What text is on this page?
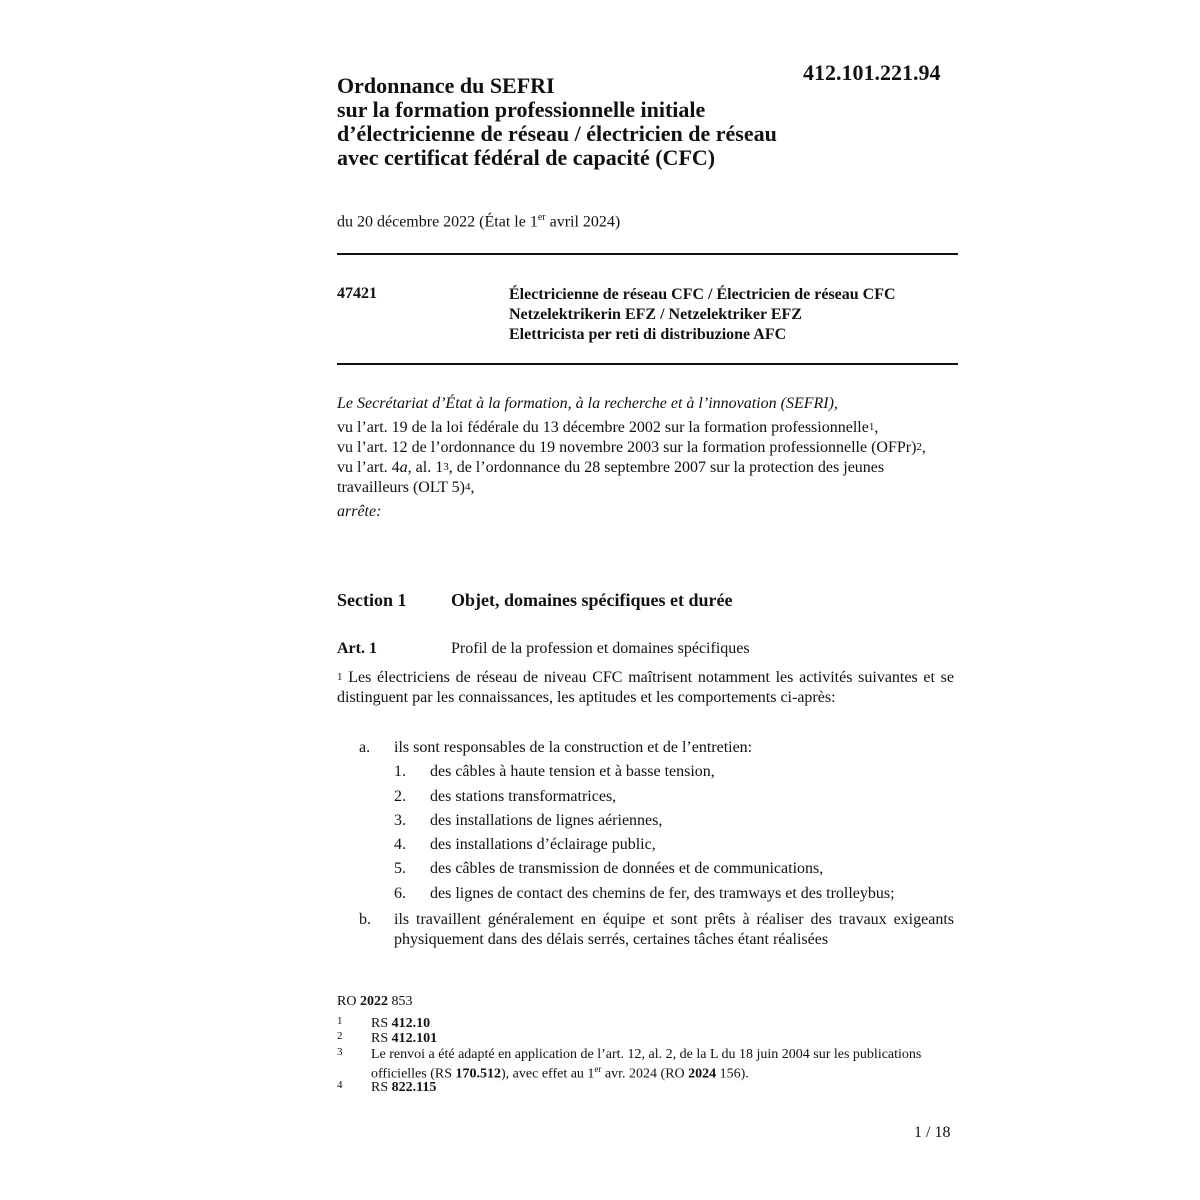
412.101.221.94
Ordonnance du SEFRI
sur la formation professionnelle initiale
d’électricienne de réseau / électricien de réseau
avec certificat fédéral de capacité (CFC)
du 20 décembre 2022 (État le 1er avril 2024)
47421	Électricienne de réseau CFC / Électricien de réseau CFC
Netzelektrikerin EFZ / Netzelektriker EFZ
Elettricista per reti di distribuzione AFC
Le Secrétariat d’État à la formation, à la recherche et à l’innovation (SEFRI),
vu l’art. 19 de la loi fédérale du 13 décembre 2002 sur la formation professionnelle$^1$,
vu l’art. 12 de l’ordonnance du 19 novembre 2003 sur la formation professionnelle (OFPr)$^2$,
vu l’art. 4a, al. 1$^3$, de l’ordonnance du 28 septembre 2007 sur la protection des jeunes travailleurs (OLT 5)$^4$,
arrête:
Section 1 Objet, domaines spécifiques et durée
Art. 1	Profil de la profession et domaines spécifiques
$^1$ Les électriciens de réseau de niveau CFC maîtrisent notamment les activités suivantes et se distinguent par les connaissances, les aptitudes et les comportements ci-après:
a. ils sont responsables de la construction et de l’entretien:
1. des câbles à haute tension et à basse tension,
2. des stations transformatrices,
3. des installations de lignes aériennes,
4. des installations d’éclairage public,
5. des câbles de transmission de données et de communications,
6. des lignes de contact des chemins de fer, des tramways et des trolleybus;
b. ils travaillent généralement en équipe et sont prêts à réaliser des travaux exigeants physiquement dans des délais serrés, certaines tâches étant réalisées
RO 2022 853
1 RS 412.10
2 RS 412.101
3 Le renvoi a été adapté en application de l’art. 12, al. 2, de la L du 18 juin 2004 sur les publications officielles (RS 170.512), avec effet au 1er avr. 2024 (RO 2024 156).
4 RS 822.115
1 / 18
